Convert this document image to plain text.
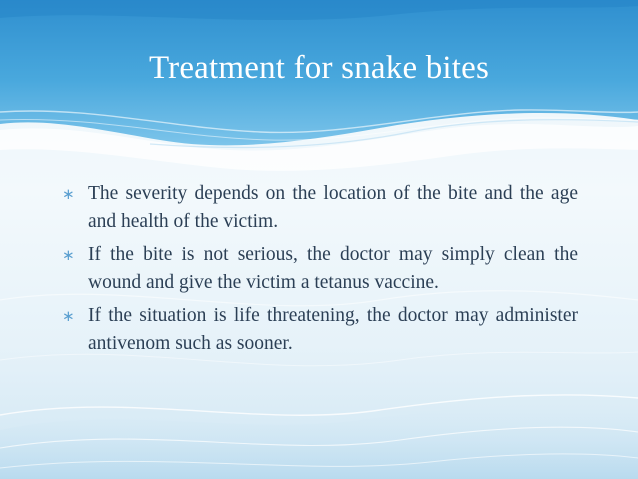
Treatment for snake bites
∗ The severity depends on the location of the bite and the age and health of the victim.
∗ If the bite is not serious, the doctor may simply clean the wound and give the victim a tetanus vaccine.
∗ If the situation is life threatening, the doctor may administer antivenom such as sooner.
